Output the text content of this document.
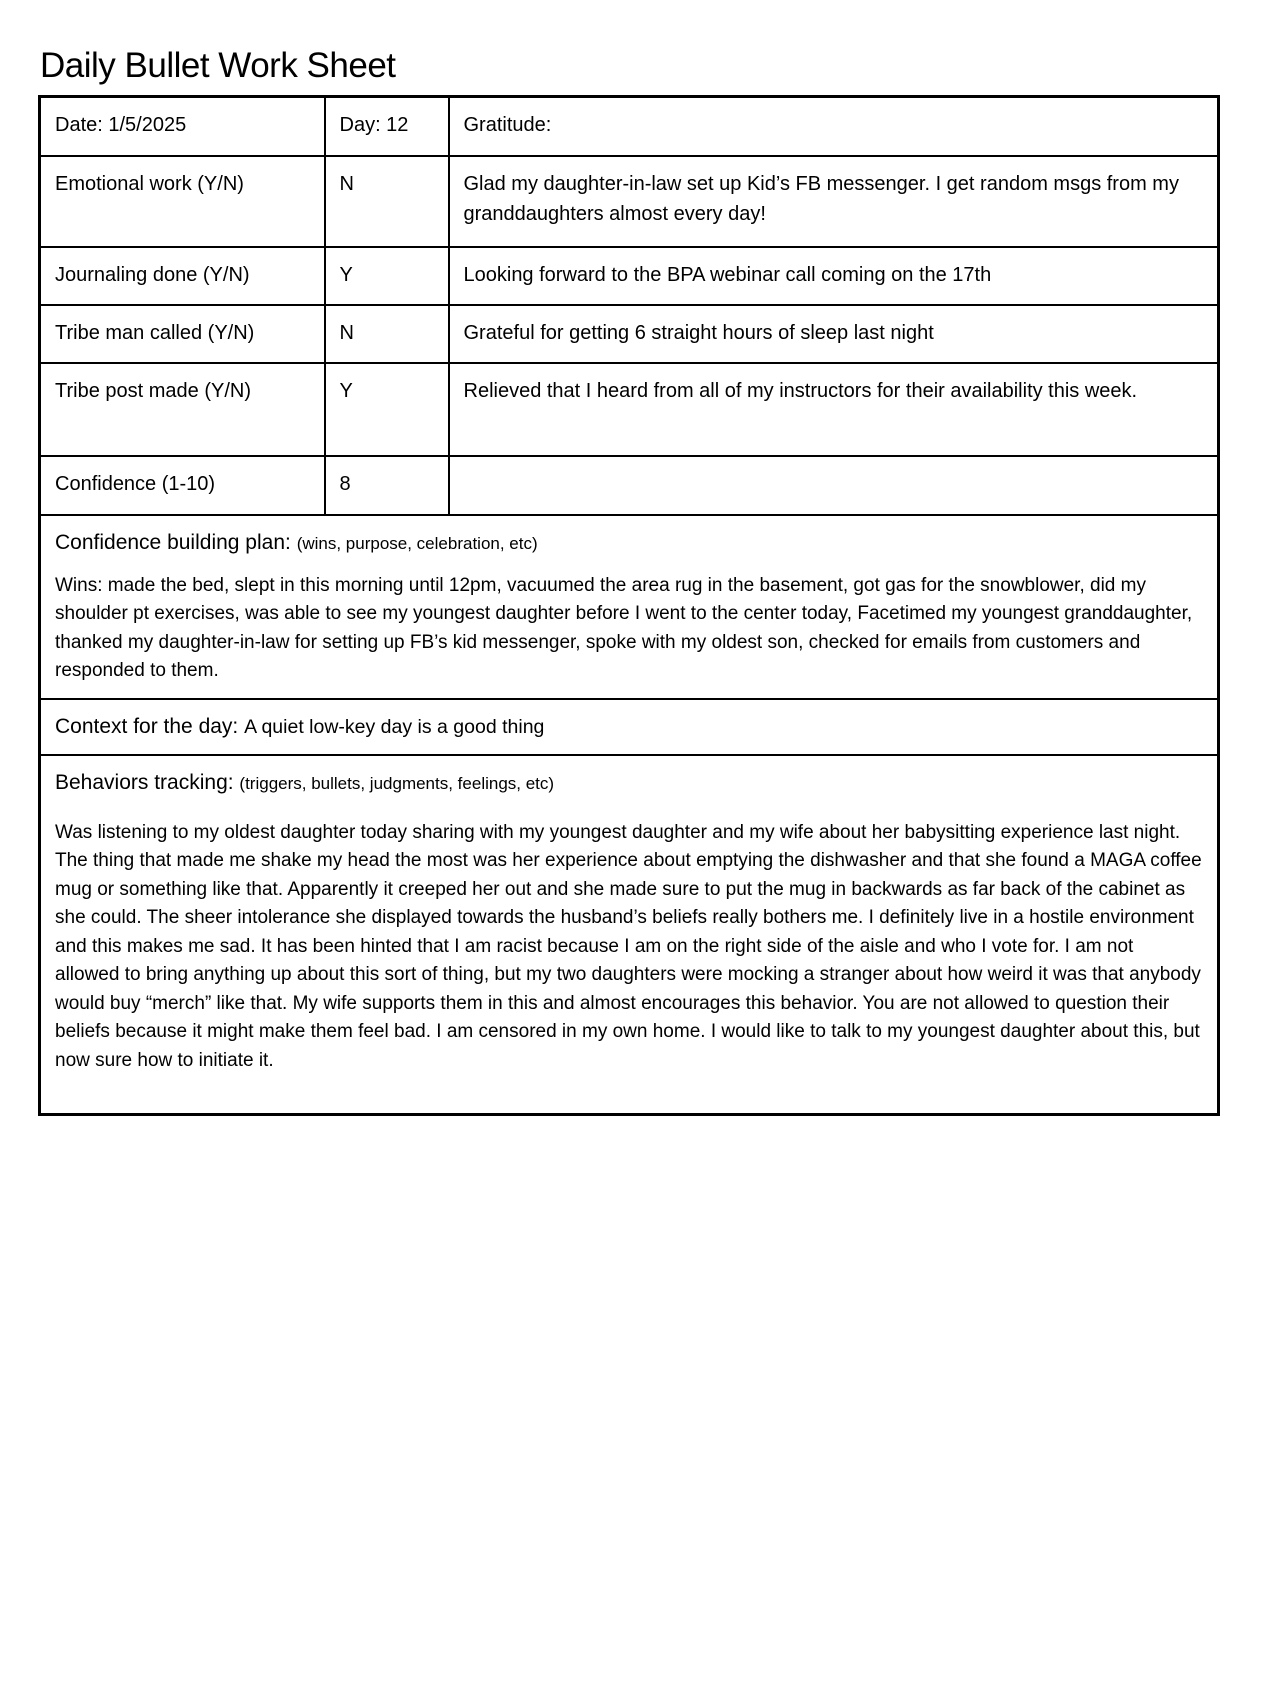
Daily Bullet Work Sheet
Date: 1/5/2025	Day: 12	Gratitude:
Emotional work (Y/N)	N	Glad my daughter-in-law set up Kid’s FB messenger. I get random msgs from my granddaughters almost every day!
Journaling done (Y/N)	Y	Looking forward to the BPA webinar call coming on the 17th
Tribe man called (Y/N)	N	Grateful for getting 6 straight hours of sleep last night
Tribe post made (Y/N)	Y	Relieved that I heard from all of my instructors for their availability this week.
Confidence (1-10)	8	
Confidence building plan: (wins, purpose, celebration, etc)
Wins: made the bed, slept in this morning until 12pm, vacuumed the area rug in the basement, got gas for the snowblower, did my shoulder pt exercises, was able to see my youngest daughter before I went to the center today, Facetimed my youngest granddaughter, thanked my daughter-in-law for setting up FB’s kid messenger, spoke with my oldest son, checked for emails from customers and responded to them.		

Context for the day: A quiet low-key day is a good thing		
Behaviors tracking: (triggers, bullets, judgments, feelings, etc)
Was listening to my oldest daughter today sharing with my youngest daughter and my wife about her babysitting experience last night. The thing that made me shake my head the most was her experience about emptying the dishwasher and that she found a MAGA coffee mug or something like that. Apparently it creeped her out and she made sure to put the mug in backwards as far back of the cabinet as she could. The sheer intolerance she displayed towards the husband’s beliefs really bothers me. I definitely live in a hostile environment and this makes me sad. It has been hinted that I am racist because I am on the right side of the aisle and who I vote for. I am not allowed to bring anything up about this sort of thing, but my two daughters were mocking a stranger about how weird it was that anybody would buy “merch” like that. My wife supports them in this and almost encourages this behavior. You are not allowed to question their beliefs because it might make them feel bad. I am censored in my own home. I would like to talk to my youngest daughter about this, but now sure how to initiate it.		
